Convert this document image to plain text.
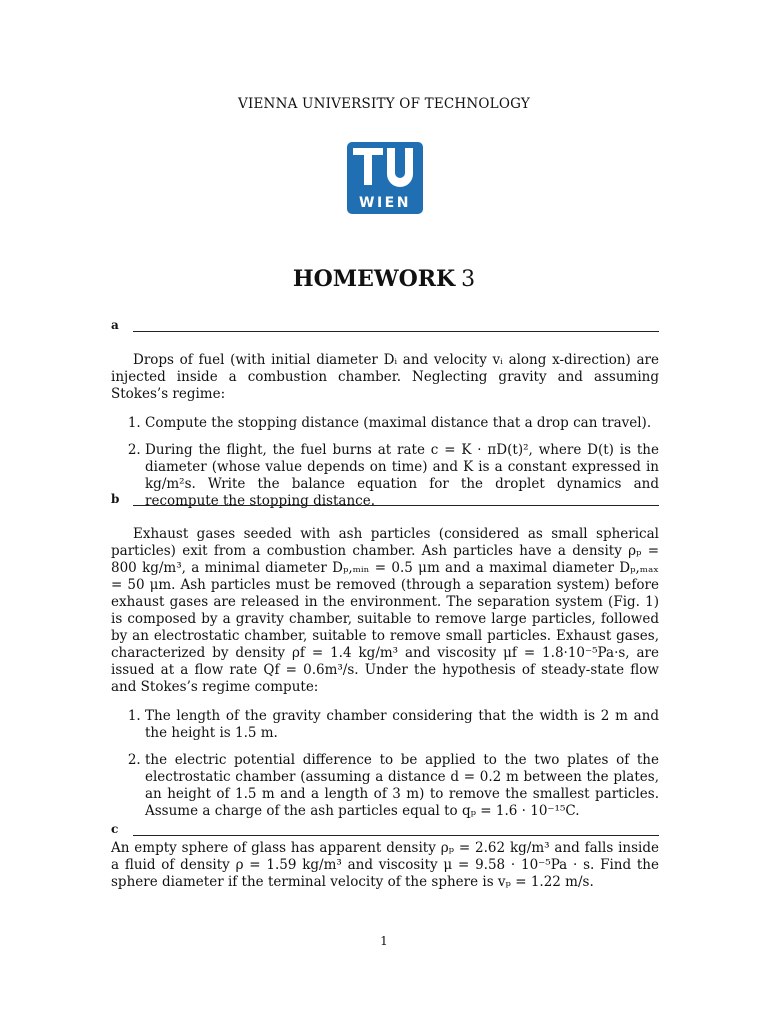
VIENNA UNIVERSITY OF TECHNOLOGY
WIEN
HOMEWORK 3
a

Drops of fuel (with initial diameter Dᵢ and velocity vᵢ along x-direction) are injected inside a combustion chamber. Neglecting gravity and assuming Stokes’s regime:

1. Compute the stopping distance (maximal distance that a drop can travel).
2. During the flight, the fuel burns at rate c = K · πD(t)², where D(t) is the diameter (whose value depends on time) and K is a constant expressed in kg/m²s. Write the balance equation for the droplet dynamics and recompute the stopping distance.
b

Exhaust gases seeded with ash particles (considered as small spherical particles) exit from a combustion chamber. Ash particles have a density ρₚ = 800 kg/m³, a minimal diameter Dₚ,ₘᵢₙ = 0.5 μm and a maximal diameter Dₚ,ₘₐₓ = 50 μm. Ash particles must be removed (through a separation system) before exhaust gases are released in the environment. The separation system (Fig. 1) is composed by a gravity chamber, suitable to remove large particles, followed by an electrostatic chamber, suitable to remove small particles. Exhaust gases, characterized by density ρf = 1.4 kg/m³ and viscosity μf = 1.8·10⁻⁵Pa·s, are issued at a flow rate Qf = 0.6m³/s. Under the hypothesis of steady-state flow and Stokes’s regime compute:

1. The length of the gravity chamber considering that the width is 2 m and the height is 1.5 m.
2. the electric potential difference to be applied to the two plates of the electrostatic chamber (assuming a distance d = 0.2 m between the plates, an height of 1.5 m and a length of 3 m) to remove the smallest particles. Assume a charge of the ash particles equal to qₚ = 1.6 · 10⁻¹⁵C.
c

An empty sphere of glass has apparent density ρₚ = 2.62 kg/m³ and falls inside a fluid of density ρ = 1.59 kg/m³ and viscosity μ = 9.58 · 10⁻⁵Pa · s. Find the sphere diameter if the terminal velocity of the sphere is vₚ = 1.22 m/s.

1
